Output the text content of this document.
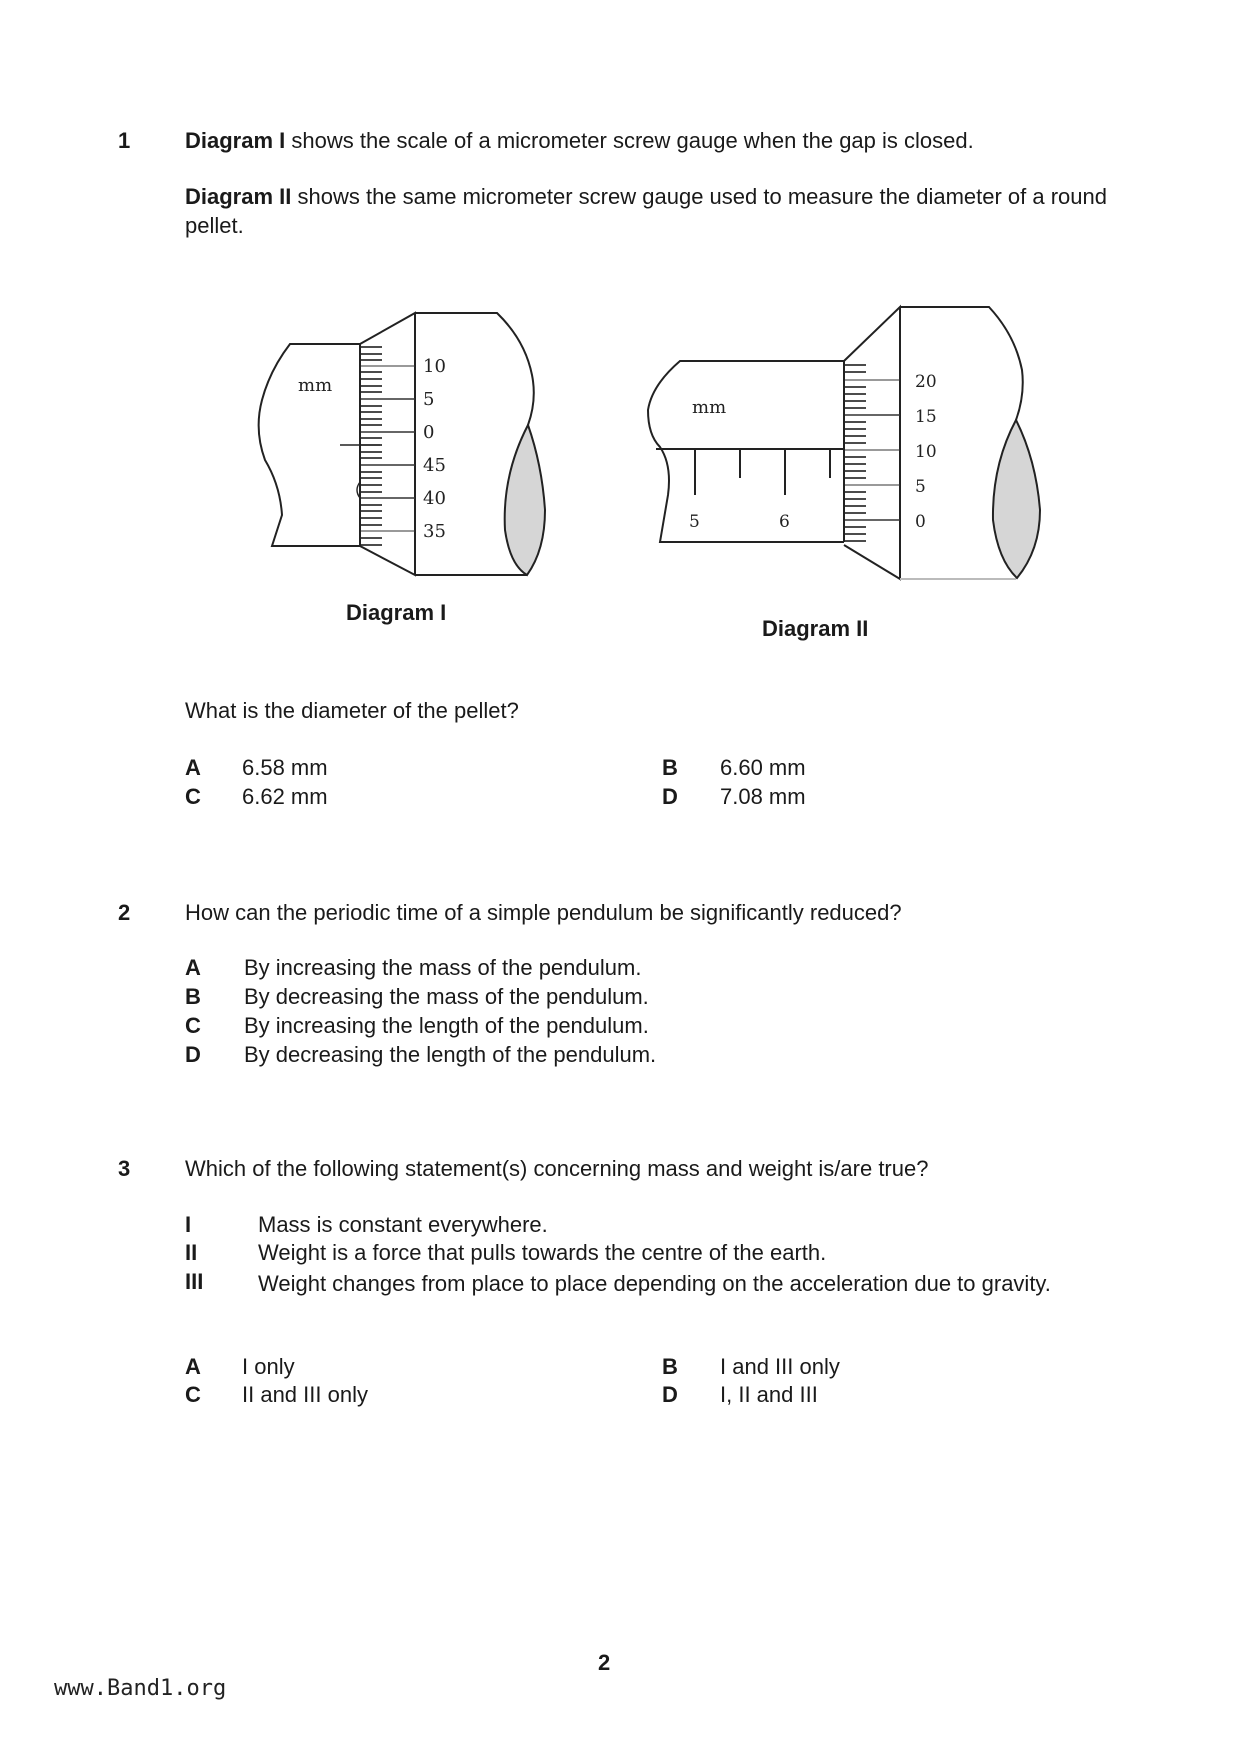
1 Diagram I shows the scale of a micrometer screw gauge when the gap is closed.
Diagram II shows the same micrometer screw gauge used to measure the diameter of a round pellet.
mm
10
5
0
45
40
35
Diagram I
mm
5	6
20
15
10
5
0
Diagram II
What is the diameter of the pellet?
A 6.58 mm	B 6.60 mm
C 6.62 mm	D 7.08 mm
2 How can the periodic time of a simple pendulum be significantly reduced?
A By increasing the mass of the pendulum.
B By decreasing the mass of the pendulum.
C By increasing the length of the pendulum.
D By decreasing the length of the pendulum.
3 Which of the following statement(s) concerning mass and weight is/are true?
I	Mass is constant everywhere.
II	Weight is a force that pulls towards the centre of the earth.
III Weight changes from place to place depending on the acceleration due to gravity.
A I only	B I and III only
C II and III only	D I, II and III
2
www.Band1.org
